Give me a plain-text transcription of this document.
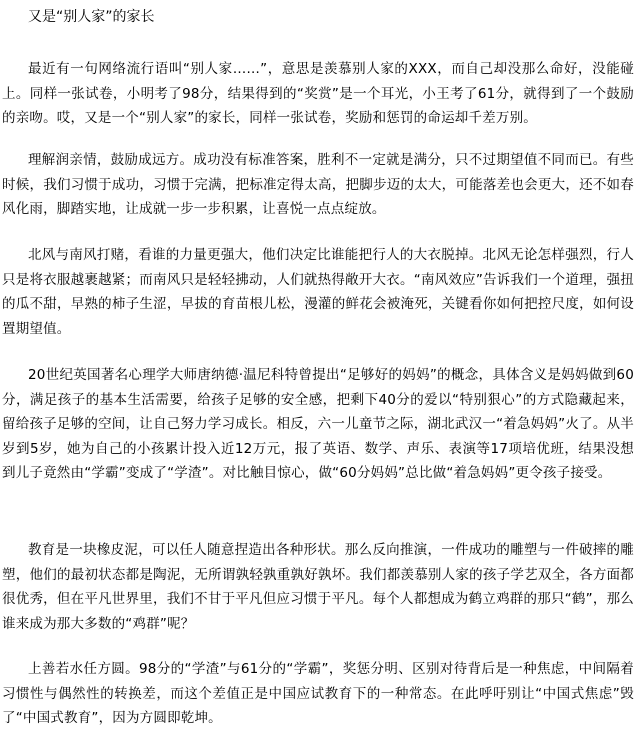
又是“别人家”的家长

最近有一句网络流行语叫“别人家……”，意思是羡慕别人家的XXX，而自己却没那么命好，没能碰上。同样一张试卷，小明考了98分，结果得到的“奖赏”是一个耳光，小王考了61分，就得到了一个鼓励的亲吻。哎，又是一个“别人家”的家长，同样一张试卷，奖励和惩罚的命运却千差万别。

理解润亲情，鼓励成远方。成功没有标准答案，胜利不一定就是满分，只不过期望值不同而已。有些时候，我们习惯于成功，习惯于完满，把标准定得太高，把脚步迈的太大，可能落差也会更大，还不如春风化雨，脚踏实地，让成就一步一步积累，让喜悦一点点绽放。

北风与南风打赌，看谁的力量更强大，他们决定比谁能把行人的大衣脱掉。北风无论怎样强烈，行人只是将衣服越裹越紧；而南风只是轻轻拂动，人们就热得敞开大衣。“南风效应”告诉我们一个道理，强扭的瓜不甜，早熟的柿子生涩，早拔的育苗根儿松，漫灌的鲜花会被淹死，关键看你如何把控尺度，如何设置期望值。

20世纪英国著名心理学大师唐纳德·温尼科特曾提出“足够好的妈妈”的概念，具体含义是妈妈做到60分，满足孩子的基本生活需要，给孩子足够的安全感，把剩下40分的爱以“特别狠心”的方式隐藏起来，留给孩子足够的空间，让自己努力学习成长。相反，六一儿童节之际，湖北武汉一“着急妈妈”火了。从半岁到5岁，她为自己的小孩累计投入近12万元，报了英语、数学、声乐、表演等17项培优班，结果没想到儿子竟然由“学霸”变成了“学渣”。对比触目惊心，做“60分妈妈”总比做“着急妈妈”更令孩子接受。

教育是一块橡皮泥，可以任人随意捏造出各种形状。那么反向推演，一件成功的雕塑与一件破摔的雕塑，他们的最初状态都是陶泥，无所谓孰轻孰重孰好孰坏。我们都羡慕别人家的孩子学艺双全，各方面都很优秀，但在平凡世界里，我们不甘于平凡但应习惯于平凡。每个人都想成为鹤立鸡群的那只“鹤”，那么谁来成为那大多数的“鸡群”呢？

上善若水任方圆。98分的“学渣”与61分的“学霸”，奖惩分明、区别对待背后是一种焦虑，中间隔着习惯性与偶然性的转换差，而这个差值正是中国应试教育下的一种常态。在此呼吁别让“中国式焦虑”毁了“中国式教育”，因为方圆即乾坤。
